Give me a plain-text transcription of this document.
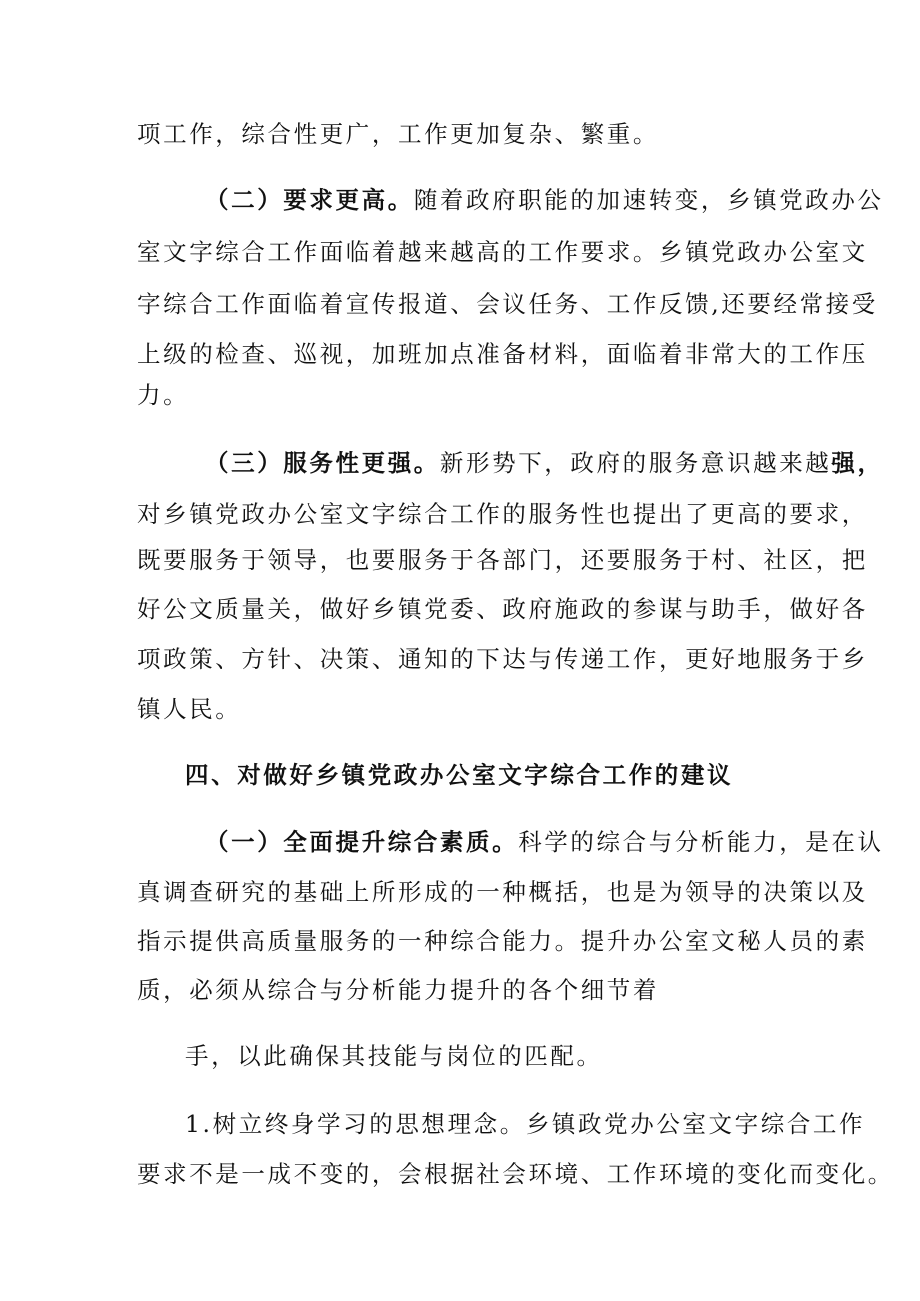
项工作，综合性更广，工作更加复杂、繁重。
（二）要求更高。随着政府职能的加速转变，乡镇党政办公
室文字综合工作面临着越来越高的工作要求。乡镇党政办公室文
字综合工作面临着宣传报道、会议任务、工作反馈,还要经常接受
上级的检查、巡视，加班加点准备材料，面临着非常大的工作压
力。
（三）服务性更强。新形势下，政府的服务意识越来越强，
对乡镇党政办公室文字综合工作的服务性也提出了更高的要求，
既要服务于领导，也要服务于各部门，还要服务于村、社区，把
好公文质量关，做好乡镇党委、政府施政的参谋与助手，做好各
项政策、方针、决策、通知的下达与传递工作，更好地服务于乡
镇人民。
四、对做好乡镇党政办公室文字综合工作的建议
（一）全面提升综合素质。科学的综合与分析能力，是在认
真调查研究的基础上所形成的一种概括，也是为领导的决策以及
指示提供高质量服务的一种综合能力。提升办公室文秘人员的素
质，必须从综合与分析能力提升的各个细节着
手，以此确保其技能与岗位的匹配。
1.树立终身学习的思想理念。乡镇政党办公室文字综合工作
要求不是一成不变的，会根据社会环境、工作环境的变化而变化。
